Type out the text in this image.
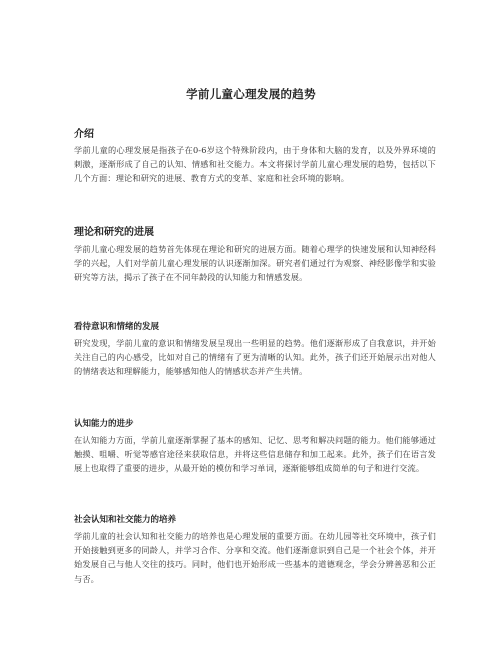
学前儿童心理发展的趋势
介绍

学前儿童的心理发展是指孩子在0-6岁这个特殊阶段内，由于身体和大脑的发育，以及外界环境的刺激，逐渐形成了自己的认知、情感和社交能力。本文将探讨学前儿童心理发展的趋势，包括以下几个方面：理论和研究的进展、教育方式的变革、家庭和社会环境的影响。

理论和研究的进展

学前儿童心理发展的趋势首先体现在理论和研究的进展方面。随着心理学的快速发展和认知神经科学的兴起，人们对学前儿童心理发展的认识逐渐加深。研究者们通过行为观察、神经影像学和实验研究等方法，揭示了孩子在不同年龄段的认知能力和情感发展。

看待意识和情绪的发展

研究发现，学前儿童的意识和情绪发展呈现出一些明显的趋势。他们逐渐形成了自我意识，并开始关注自己的内心感受，比如对自己的情绪有了更为清晰的认知。此外，孩子们还开始展示出对他人的情绪表达和理解能力，能够感知他人的情感状态并产生共情。

认知能力的进步

在认知能力方面，学前儿童逐渐掌握了基本的感知、记忆、思考和解决问题的能力。他们能够通过触摸、咀嚼、听觉等感官途径来获取信息，并将这些信息储存和加工起来。此外，孩子们在语言发展上也取得了重要的进步，从最开始的模仿和学习单词，逐渐能够组成简单的句子和进行交流。

社会认知和社交能力的培养

学前儿童的社会认知和社交能力的培养也是心理发展的重要方面。在幼儿园等社交环境中，孩子们开始接触到更多的同龄人，并学习合作、分享和交流。他们逐渐意识到自己是一个社会个体，并开始发展自己与他人交往的技巧。同时，他们也开始形成一些基本的道德观念，学会分辨善恶和公正与否。
